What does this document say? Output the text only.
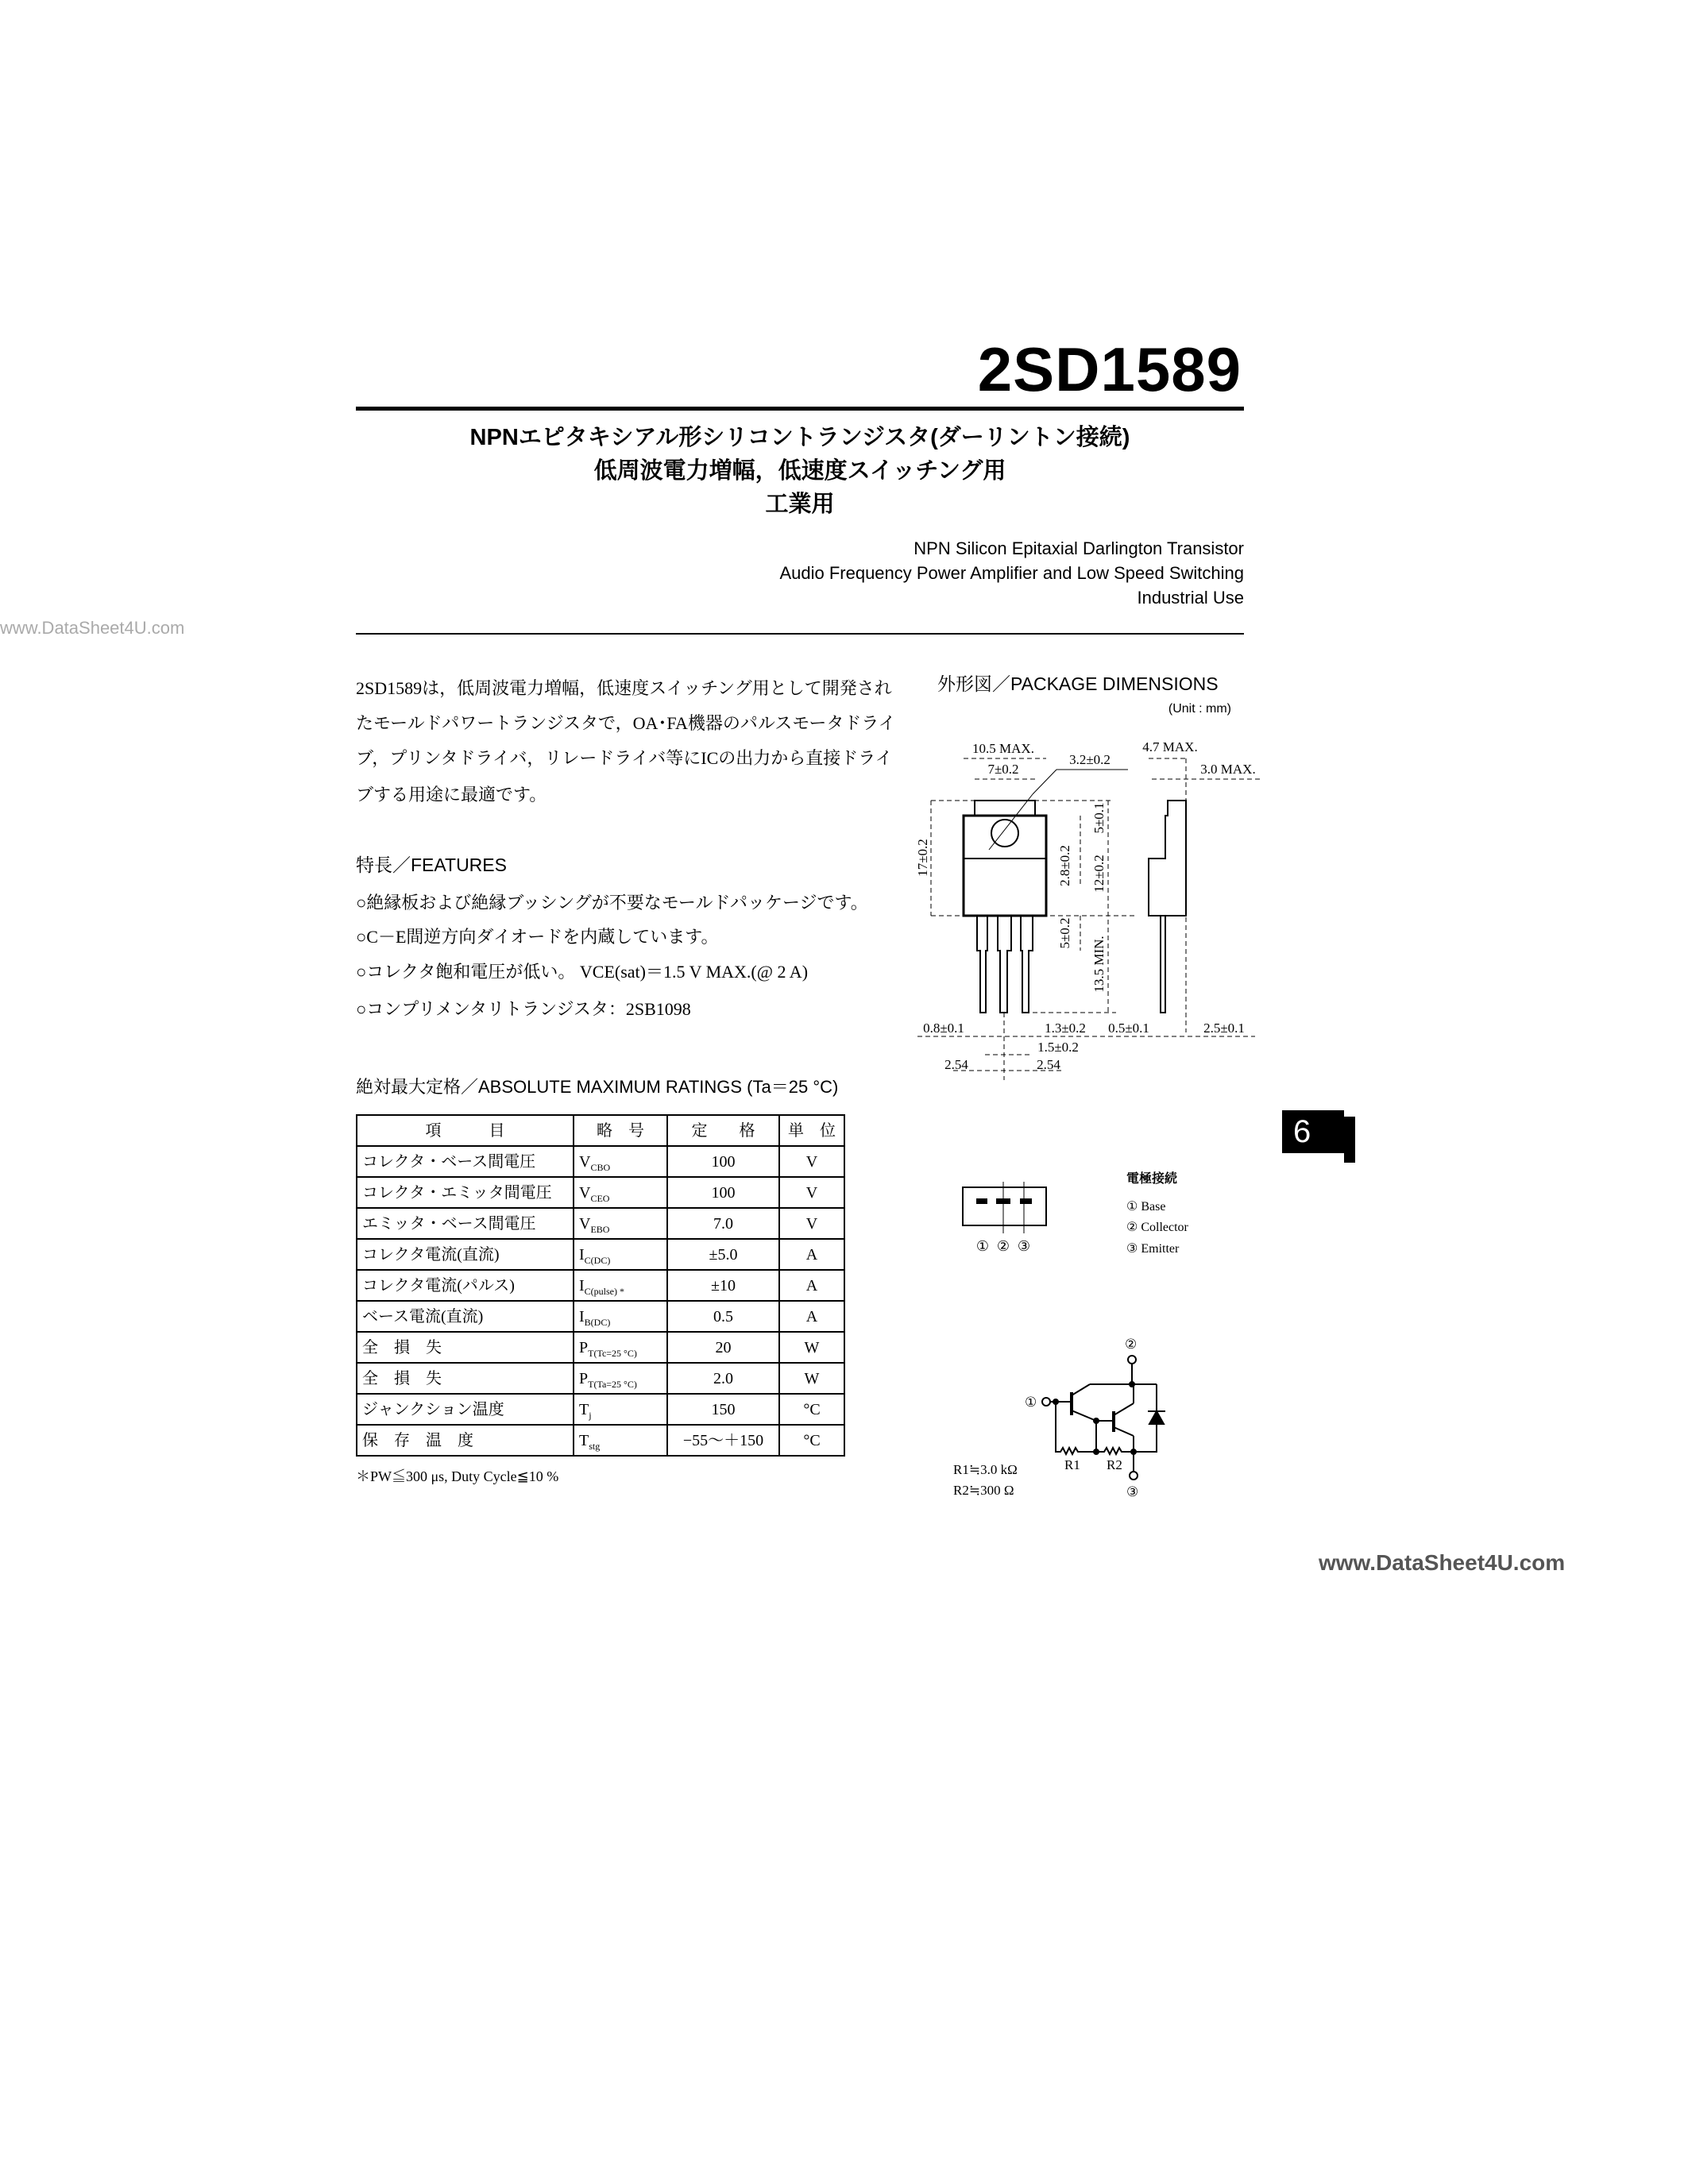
www.DataSheet4U.com
2SD1589
NPNエピタキシアル形シリコントランジスタ(ダーリントン接続)
低周波電力増幅，低速度スイッチング用
工業用
NPN Silicon Epitaxial Darlington Transistor
Audio Frequency Power Amplifier and Low Speed Switching
Industrial Use
2SD1589は，低周波電力増幅，低速度スイッチング用として開発され
たモールドパワートランジスタで，OA･FA機器のパルスモータドライ
ブ，プリンタドライバ，リレードライバ等にICの出力から直接ドライ
ブする用途に最適です。
特長／FEATURES
○絶縁板および絶縁ブッシングが不要なモールドパッケージです。
○C－E間逆方向ダイオードを内蔵しています。
○コレクタ飽和電圧が低い。 VCE(sat)＝1.5 V MAX.(@ 2 A)
○コンプリメンタリトランジスタ：2SB1098
絶対最大定格／ABSOLUTE MAXIMUM RATINGS (Ta＝25 °C)
項　　　目	略　号	定　　格	単　位
コレクタ・ベース間電圧	$V_{CBO}$	100	V
コレクタ・エミッタ間電圧	$V_{CEO}$	100	V
エミッタ・ベース間電圧	$V_{EBO}$	7.0	V
コレクタ電流(直流)	$I_{C(DC)}$	±5.0	A
コレクタ電流(パルス)	$I_{C(pulse) *}$	±10	A
ベース電流(直流)	$I_{B(DC)}$	0.5	A
全　損　失	$P_{T(Tc=25 ^\circ C)}$	20	W
全　損　失	$P_{T(Ta=25 ^\circ C)}$	2.0	W
ジャンクション温度	$T_j$	150	°C
保　存　温　度	$T_{stg}$	−55～＋150	°C
＊PW≦300 μs, Duty Cycle≦10 %
外形図／PACKAGE DIMENSIONS
(Unit : mm)
10.5 MAX.
7±0.2
3.2±0.2
4.7 MAX.
3.0 MAX.
17±0.2	2.8±0.2
5±0.1
12±0.2
5±0.2
13.5 MIN.
0.8±0.1	1.3±0.2 0.5±0.1	2.5±0.1
1.5±0.2
2.54	2.54
① ② ③
電極接続
① Base
② Collector
③ Emitter
②
①
③
R1 R2
R1≒3.0 kΩ
R2≒300 Ω
6
www.DataSheet4U.com
